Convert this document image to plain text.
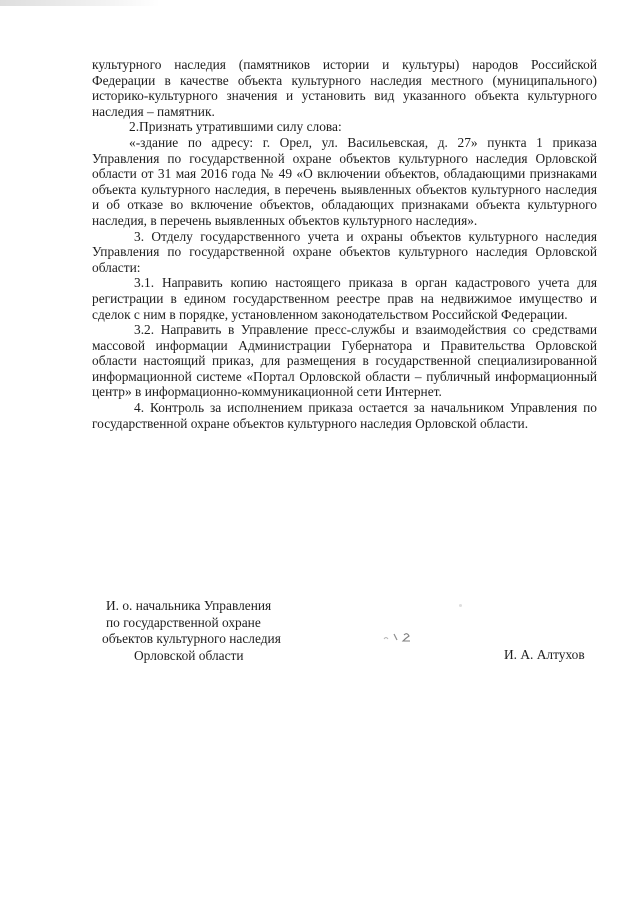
культурного наследия (памятников истории и культуры) народов Российской Федерации в качестве объекта культурного наследия местного (муниципального) историко-культурного значения и установить вид указанного объекта культурного наследия – памятник.

2.Признать утратившими силу слова:

«-здание по адресу: г. Орел, ул. Васильевская, д. 27» пункта 1 приказа Управления по государственной охране объектов культурного наследия Орловской области от 31 мая 2016 года № 49 «О включении объектов, обладающими признаками объекта культурного наследия, в перечень выявленных объектов культурного наследия и об отказе во включение объектов, обладающих признаками объекта культурного наследия, в перечень выявленных объектов культурного наследия».

3. Отделу государственного учета и охраны объектов культурного наследия Управления по государственной охране объектов культурного наследия Орловской области:

3.1. Направить копию настоящего приказа в орган кадастрового учета для регистрации в едином государственном реестре прав на недвижимое имущество и сделок с ним в порядке, установленном законодательством Российской Федерации.

3.2. Направить в Управление пресс-службы и взаимодействия со средствами массовой информации Администрации Губернатора и Правительства Орловской области настоящий приказ, для размещения в государственной специализированной информационной системе «Портал Орловской области – публичный информационный центр» в информационно-коммуникационной сети Интернет.

4. Контроль за исполнением приказа остается за начальником Управления по государственной охране объектов культурного наследия Орловской области.

И. о. начальника Управления
по государственной охране
объектов культурного наследия
Орловской области	И. А. Алтухов
